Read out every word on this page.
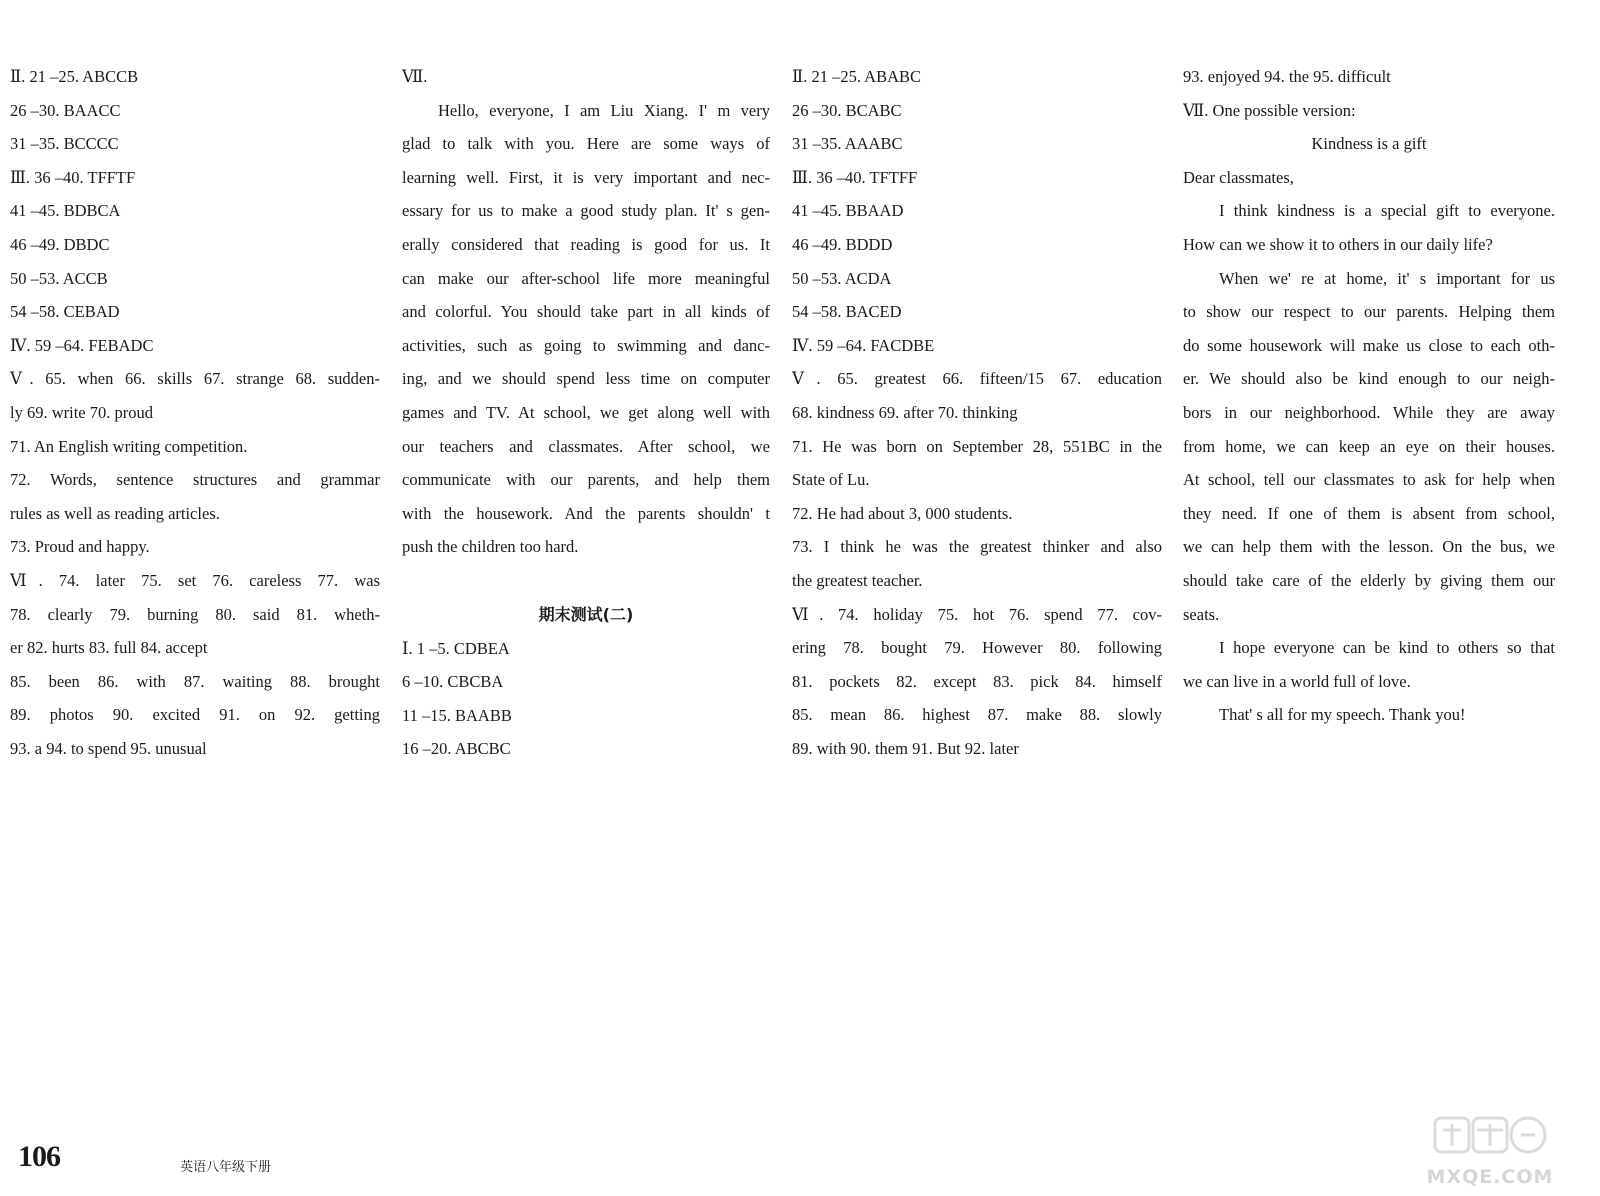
Ⅱ. 21 –25. ABCCB
26 –30. BAACC
31 –35. BCCCC
Ⅲ. 36 –40. TFFTF
41 –45. BDBCA
46 –49. DBDC
50 –53. ACCB
54 –58. CEBAD
Ⅳ. 59 –64. FEBADC
Ⅴ. 65. when 66. skills 67. strange 68. sudden-
ly 69. write 70. proud
71. An English writing competition.
72. Words, sentence structures and grammar
rules as well as reading articles.
73. Proud and happy.
Ⅵ. 74. later 75. set 76. careless 77. was
78. clearly 79. burning 80. said 81. wheth-
er 82. hurts 83. full 84. accept
85. been 86. with 87. waiting 88. brought
89. photos 90. excited 91. on 92. getting
93. a 94. to spend 95. unusual
Ⅶ.
Hello, everyone, I am Liu Xiang. I' m very
glad to talk with you. Here are some ways of
learning well. First, it is very important and nec-
essary for us to make a good study plan. It' s gen-
erally considered that reading is good for us. It
can make our after-school life more meaningful
and colorful. You should take part in all kinds of
activities, such as going to swimming and danc-
ing, and we should spend less time on computer
games and TV. At school, we get along well with
our teachers and classmates. After school, we
communicate with our parents, and help them
with the housework. And the parents shouldn' t
push the children too hard.
期末测试(二)
Ⅰ. 1 –5. CDBEA
6 –10. CBCBA
11 –15. BAABB
16 –20. ABCBC
Ⅱ. 21 –25. ABABC
26 –30. BCABC
31 –35. AAABC
Ⅲ. 36 –40. TFTFF
41 –45. BBAAD
46 –49. BDDD
50 –53. ACDA
54 –58. BACED
Ⅳ. 59 –64. FACDBE
Ⅴ. 65. greatest 66. fifteen/15 67. education
68. kindness 69. after 70. thinking
71. He was born on September 28, 551BC in the
State of Lu.
72. He had about 3, 000 students.
73. I think he was the greatest thinker and also
the greatest teacher.
Ⅵ. 74. holiday 75. hot 76. spend 77. cov-
ering 78. bought 79. However 80. following
81. pockets 82. except 83. pick 84. himself
85. mean 86. highest 87. make 88. slowly
89. with 90. them 91. But 92. later
93. enjoyed 94. the 95. difficult
Ⅶ. One possible version:
Kindness is a gift
Dear classmates,
I think kindness is a special gift to everyone.
How can we show it to others in our daily life?
When we' re at home, it' s important for us
to show our respect to our parents. Helping them
do some housework will make us close to each oth-
er. We should also be kind enough to our neigh-
bors in our neighborhood. While they are away
from home, we can keep an eye on their houses.
At school, tell our classmates to ask for help when
they need. If one of them is absent from school,
we can help them with the lesson. On the bus, we
should take care of the elderly by giving them our
seats.
I hope everyone can be kind to others so that
we can live in a world full of love.
That' s all for my speech. Thank you!
106	英语八年级下册	MXQE.COM
